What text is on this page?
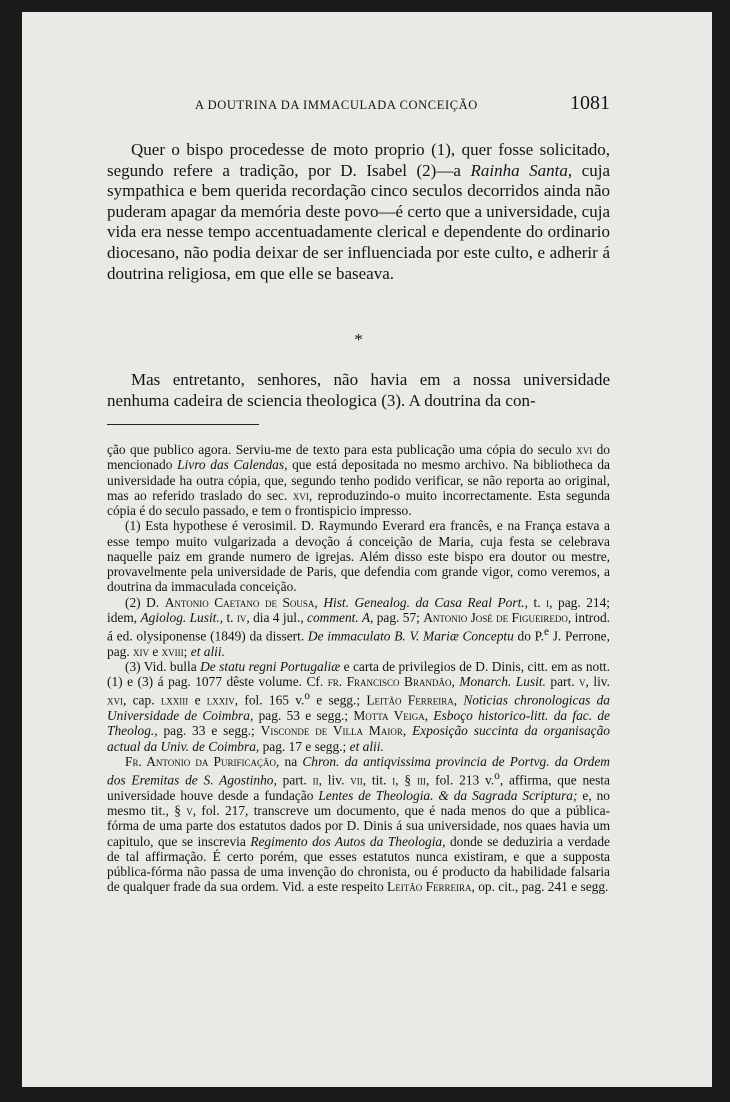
A DOUTRINA DA IMMACULADA CONCEIÇÃO	1081

Quer o bispo procedesse de moto proprio (1), quer fosse solicitado, segundo refere a tradição, por D. Isabel (2)—a Rainha Santa, cuja sympathica e bem querida recordação cinco seculos decorridos ainda não puderam apagar da memória deste povo—é certo que a universidade, cuja vida era nesse tempo accentuadamente clerical e dependente do ordinario diocesano, não podia deixar de ser influenciada por este culto, e adherir á doutrina religiosa, em que elle se baseava.

*

Mas entretanto, senhores, não havia em a nossa universidade nenhuma cadeira de sciencia theologica (3). A doutrina da con-

ção que publico agora. Serviu-me de texto para esta publicação uma cópia do seculo xvi do mencionado Livro das Calendas, que está depositada no mesmo archivo. Na bibliotheca da universidade ha outra cópia, que, segundo tenho podido verificar, se não reporta ao original, mas ao referido traslado do sec. xvi, reproduzindo-o muito incorrectamente. Esta segunda cópia é do seculo passado, e tem o frontispicio impresso.

(1) Esta hypothese é verosimil. D. Raymundo Everard era francês, e na França estava a esse tempo muito vulgarizada a devoção á conceição de Maria, cuja festa se celebrava naquelle paiz em grande numero de igrejas. Além disso este bispo era doutor ou mestre, provavelmente pela universidade de Paris, que defendia com grande vigor, como veremos, a doutrina da immaculada conceição.

(2) D. Antonio Caetano de Sousa, Hist. Genealog. da Casa Real Port., t. i, pag. 214; idem, Agiolog. Lusit., t. iv, dia 4 jul., comment. A, pag. 57; Antonio José de Figueiredo, introd. á ed. olysiponense (1849) da dissert. De immaculato B. V. Mariæ Conceptu do P.$^e$ J. Perrone, pag. xiv e xviii; et alii.

(3) Vid. bulla De statu regni Portugaliæ e carta de privilegios de D. Dinis, citt. em as nott. (1) e (3) á pag. 1077 dêste volume. Cf. fr. Francisco Brandão, Monarch. Lusit. part. v, liv. xvi, cap. lxxiii e lxxiv, fol. 165 v.$^o$ e segg.; Leitão Ferreira, Noticias chronologicas da Universidade de Coimbra, pag. 53 e segg.; Motta Veiga, Esboço historico-litt. da fac. de Theolog., pag. 33 e segg.; Visconde de Villa Maior, Exposição succinta da organisação actual da Univ. de Coimbra, pag. 17 e segg.; et alii.

Fr. Antonio da Purificação, na Chron. da antiqvissima provincia de Portvg. da Ordem dos Eremitas de S. Agostinho, part. ii, liv. vii, tit. i, § iii, fol. 213 v.$^o$, affirma, que nesta universidade houve desde a fundação Lentes de Theologia. & da Sagrada Scriptura; e, no mesmo tit., § v, fol. 217, transcreve um documento, que é nada menos do que a pública-fórma de uma parte dos estatutos dados por D. Dinis á sua universidade, nos quaes havia um capitulo, que se inscrevia Regimento dos Autos da Theologia, donde se deduziria a verdade de tal affirmação. É certo porém, que esses estatutos nunca existiram, e que a supposta pública-fórma não passa de uma invenção do chronista, ou é producto da habilidade falsaria de qualquer frade da sua ordem. Vid. a este respeito Leitão Ferreira, op. cit., pag. 241 e segg.
